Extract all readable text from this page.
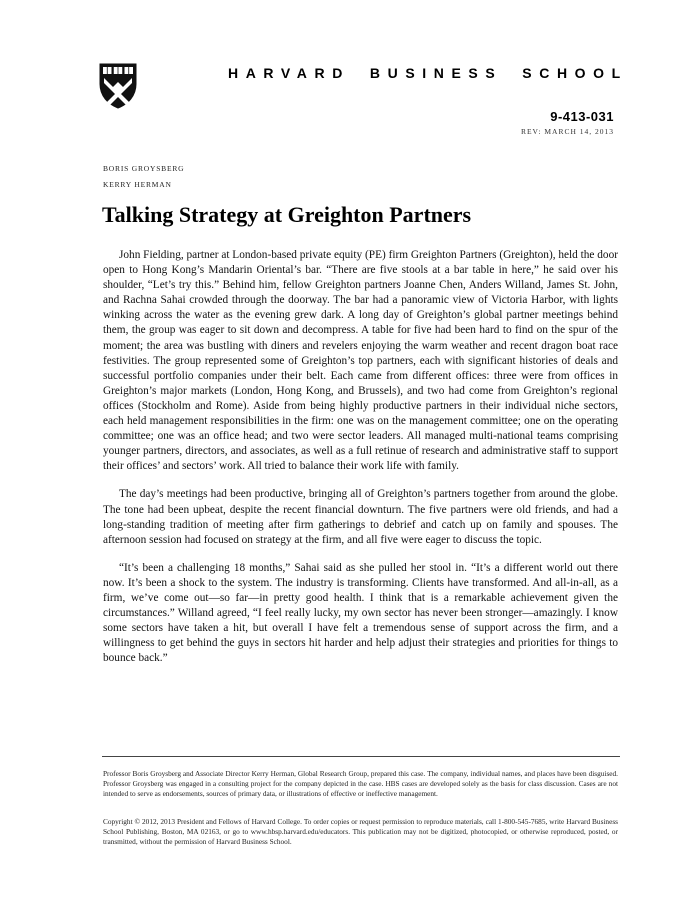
HARVARD BUSINESS SCHOOL
9-413-031
REV: MARCH 14, 2013
BORIS GROYSBERG
KERRY HERMAN
Talking Strategy at Greighton Partners

John Fielding, partner at London-based private equity (PE) firm Greighton Partners (Greighton), held the door open to Hong Kong’s Mandarin Oriental’s bar. “There are five stools at a bar table in here,” he said over his shoulder, “Let’s try this.” Behind him, fellow Greighton partners Joanne Chen, Anders Willand, James St. John, and Rachna Sahai crowded through the doorway. The bar had a panoramic view of Victoria Harbor, with lights winking across the water as the evening grew dark. A long day of Greighton’s global partner meetings behind them, the group was eager to sit down and decompress. A table for five had been hard to find on the spur of the moment; the area was bustling with diners and revelers enjoying the warm weather and recent dragon boat race festivities. The group represented some of Greighton’s top partners, each with significant histories of deals and successful portfolio companies under their belt. Each came from different offices: three were from offices in Greighton’s major markets (London, Hong Kong, and Brussels), and two had come from Greighton’s regional offices (Stockholm and Rome). Aside from being highly productive partners in their individual niche sectors, each held management responsibilities in the firm: one was on the management committee; one on the operating committee; one was an office head; and two were sector leaders. All managed multi-national teams comprising younger partners, directors, and associates, as well as a full retinue of research and administrative staff to support their offices’ and sectors’ work. All tried to balance their work life with family.

The day’s meetings had been productive, bringing all of Greighton’s partners together from around the globe. The tone had been upbeat, despite the recent financial downturn. The five partners were old friends, and had a long-standing tradition of meeting after firm gatherings to debrief and catch up on family and spouses. The afternoon session had focused on strategy at the firm, and all five were eager to discuss the topic.

“It’s been a challenging 18 months,” Sahai said as she pulled her stool in. “It’s a different world out there now. It’s been a shock to the system. The industry is transforming. Clients have transformed. And all-in-all, as a firm, we’ve come out—so far—in pretty good health. I think that is a remarkable achievement given the circumstances.” Willand agreed, “I feel really lucky, my own sector has never been stronger—amazingly. I know some sectors have taken a hit, but overall I have felt a tremendous sense of support across the firm, and a willingness to get behind the guys in sectors hit harder and help adjust their strategies and priorities for things to bounce back.”

Professor Boris Groysberg and Associate Director Kerry Herman, Global Research Group, prepared this case. The company, individual names, and places have been disguised. Professor Groysberg was engaged in a consulting project for the company depicted in the case. HBS cases are developed solely as the basis for class discussion. Cases are not intended to serve as endorsements, sources of primary data, or illustrations of effective or ineffective management.

Copyright © 2012, 2013 President and Fellows of Harvard College. To order copies or request permission to reproduce materials, call 1-800-545-7685, write Harvard Business School Publishing, Boston, MA 02163, or go to www.hbsp.harvard.edu/educators. This publication may not be digitized, photocopied, or otherwise reproduced, posted, or transmitted, without the permission of Harvard Business School.
